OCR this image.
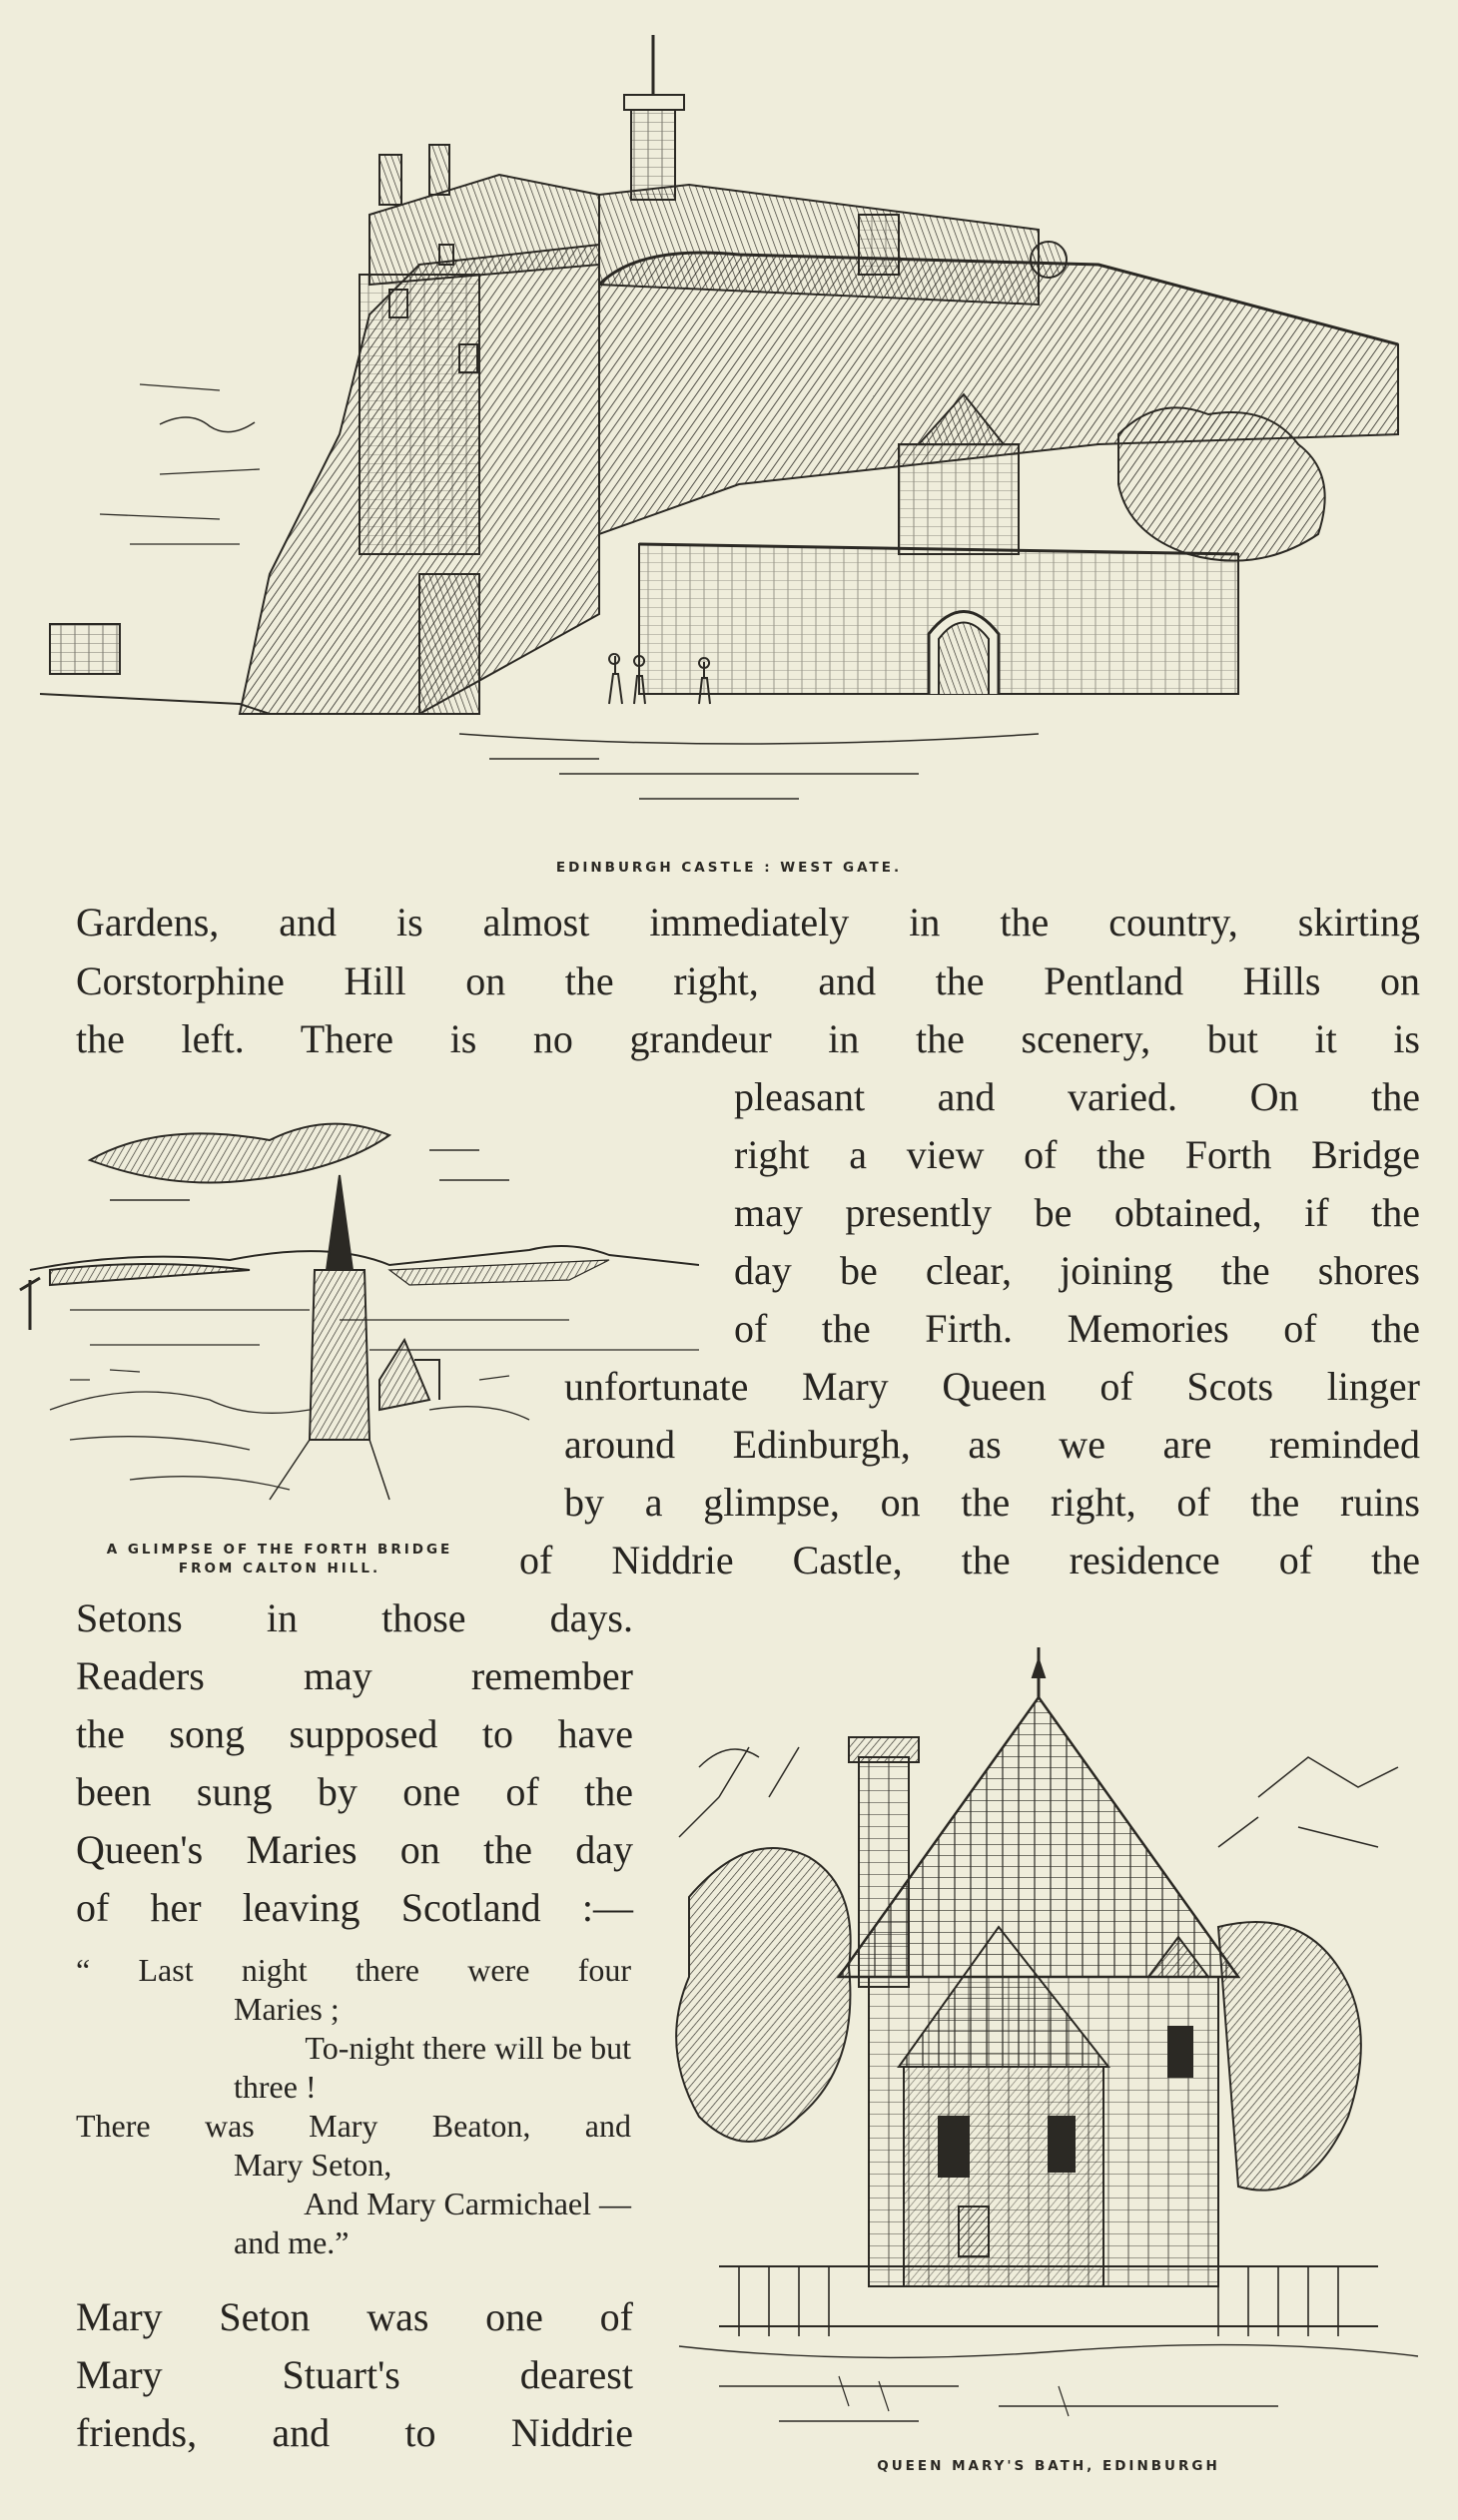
EDINBURGH CASTLE : WEST GATE.

Gardens, and is almost immediately in the country, skirting

Corstorphine Hill on the right, and the Pentland Hills on

the left. There is no grandeur in the scenery, but it is

pleasant and varied. On the

right a view of the Forth Bridge

may presently be obtained, if the

day be clear, joining the shores

of the Firth. Memories of the

unfortunate Mary Queen of Scots linger

around Edinburgh, as we are reminded

by a glimpse, on the right, of the ruins

of Niddrie Castle, the residence of the

A GLIMPSE OF THE FORTH BRIDGE
FROM CALTON HILL.

Setons in those days.

Readers may remember

the song supposed to have

been sung by one of the

Queen's Maries on the day

of her leaving Scotland :—

“ Last night there were four

Maries ;

To-night there will be but

three !

There was Mary Beaton, and

Mary Seton,

And Mary Carmichael —

and me.”

Mary Seton was one of

Mary Stuart's dearest

friends, and to Niddrie

QUEEN MARY'S BATH, EDINBURGH
